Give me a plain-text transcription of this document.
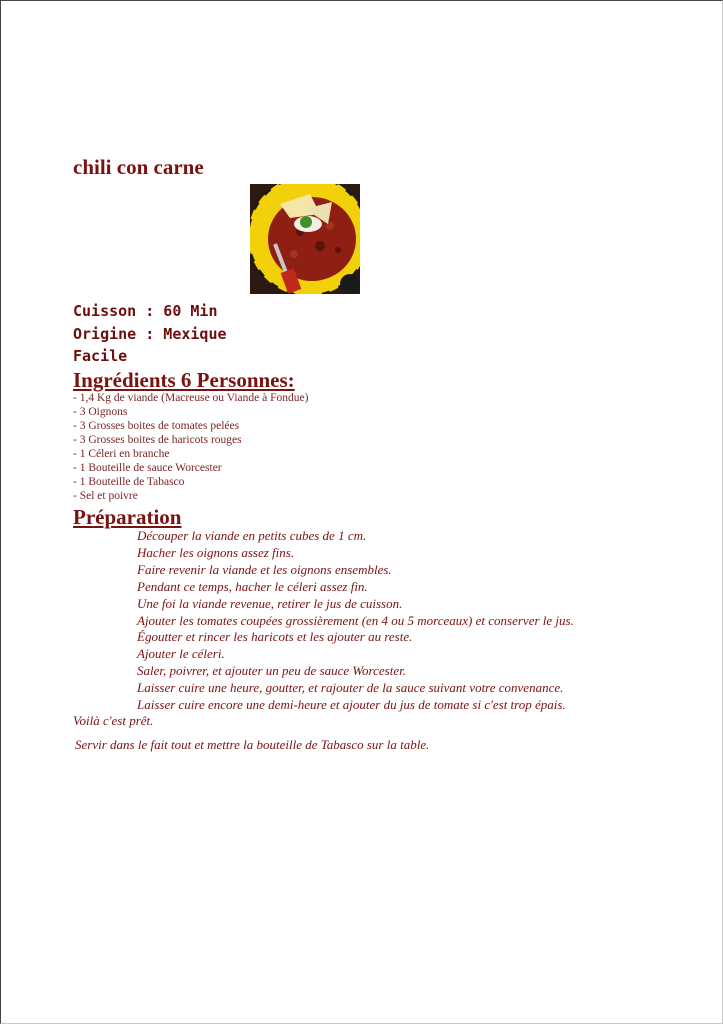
chili con carne
Cuisson : 60 Min
Origine : Mexique
Facile
Ingrédients 6 Personnes:
- 1,4 Kg de viande (Macreuse ou Viande à Fondue)
- 3 Oignons
- 3 Grosses boites de tomates pelées
- 3 Grosses boites de haricots rouges
- 1 Céleri en branche
- 1 Bouteille de sauce Worcester
- 1 Bouteille de Tabasco
- Sel et poivre
Préparation
Découper la viande en petits cubes de 1 cm.
Hacher les oignons assez fins.
Faire revenir la viande et les oignons ensembles.
Pendant ce temps, hacher le céleri assez fin.
Une foi la viande revenue, retirer le jus de cuisson.
Ajouter les tomates coupées grossièrement (en 4 ou 5 morceaux) et conserver le jus.
Égoutter et rincer les haricots et les ajouter au reste.
Ajouter le céleri.
Saler, poivrer, et ajouter un peu de sauce Worcester.
Laisser cuire une heure, goutter, et rajouter de la sauce suivant votre convenance.
Laisser cuire encore une demi-heure et ajouter du jus de tomate si c'est trop épais.

Voilà c'est prêt.

Servir dans le fait tout et mettre la bouteille de Tabasco sur la table.
